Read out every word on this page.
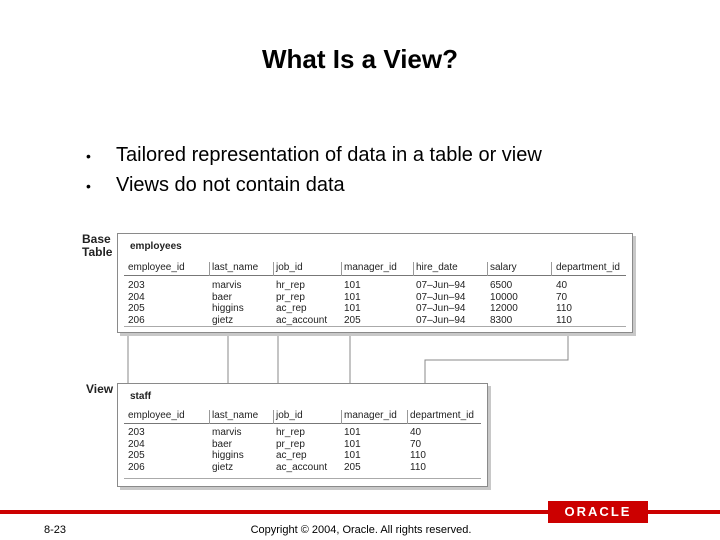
What Is a View?
•	Tailored representation of data in a table or view
•	Views do not contain data
Base
Table
View
employees
employee_id	last_name	job_id	manager_id	hire_date	salary	department_id
203	marvis	hr_rep	101	07–Jun–94 6500	40
204	baer	pr_rep	101	07–Jun–94 10000	70
205	higgins	ac_rep	101	07–Jun–94 12000	110
206	gietz	ac_account 205	07–Jun–94 8300	110
staff
employee_id	last_name	job_id	manager_id	department_id
203	marvis	hr_rep	101	40
204	baer	pr_rep	101	70
205	higgins	ac_rep	101	110
206	gietz	ac_account 205	110
ORACLE
8-23	Copyright © 2004, Oracle. All rights reserved.
